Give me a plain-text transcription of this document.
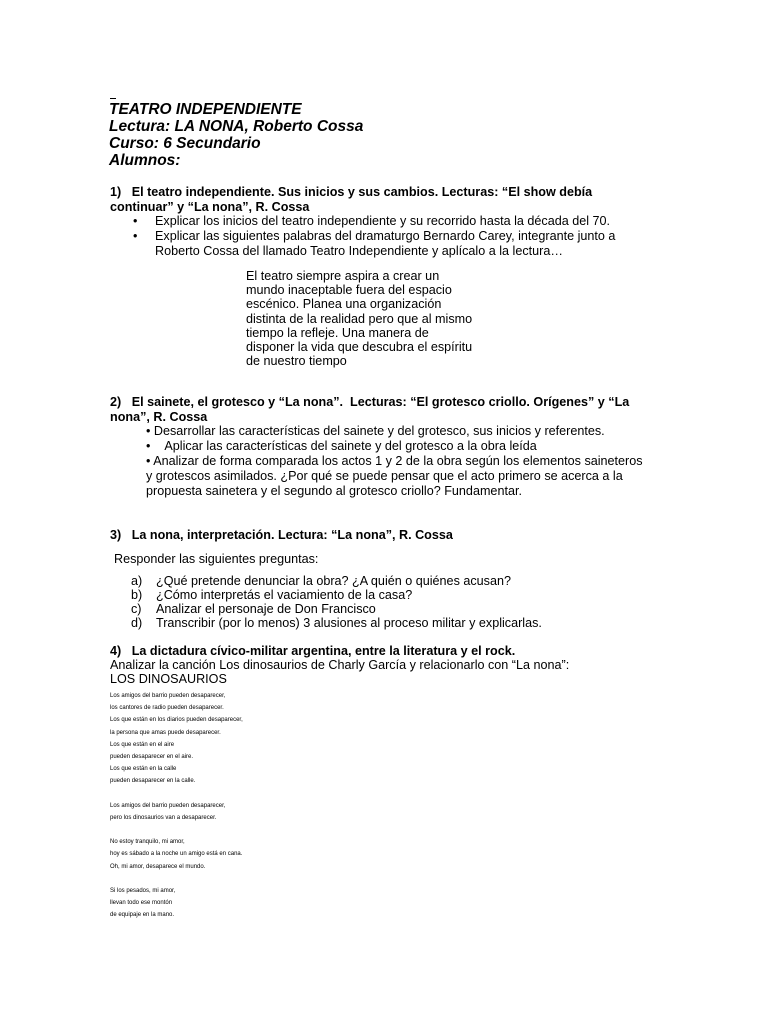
TEATRO INDEPENDIENTE
Lectura: LA NONA, Roberto Cossa
Curso: 6 Secundario
Alumnos:
1)   El teatro independiente. Sus inicios y sus cambios. Lecturas: “El show debía
continuar” y “La nona”, R. Cossa
•	Explicar los inicios del teatro independiente y su recorrido hasta la década del 70.
•	Explicar las siguientes palabras del dramaturgo Bernardo Carey, integrante junto a
Roberto Cossa del llamado Teatro Independiente y aplícalo a la lectura…
El teatro siempre aspira a crear un
mundo inaceptable fuera del espacio
escénico. Planea una organización
distinta de la realidad pero que al mismo
tiempo la refleje. Una manera de
disponer la vida que descubra el espíritu
de nuestro tiempo
2)   El sainete, el grotesco y “La nona”.  Lecturas: “El grotesco criollo. Orígenes” y “La
nona”, R. Cossa
• Desarrollar las características del sainete y del grotesco, sus inicios y referentes.
•    Aplicar las características del sainete y del grotesco a la obra leída
• Analizar de forma comparada los actos 1 y 2 de la obra según los elementos saineteros
y grotescos asimilados. ¿Por qué se puede pensar que el acto primero se acerca a la
propuesta sainetera y el segundo al grotesco criollo? Fundamentar.
3)   La nona, interpretación. Lectura: “La nona”, R. Cossa
Responder las siguientes preguntas:
a)	¿Qué pretende denunciar la obra? ¿A quién o quiénes acusan?
b)	¿Cómo interpretás el vaciamiento de la casa?
c)	Analizar el personaje de Don Francisco
d)	Transcribir (por lo menos) 3 alusiones al proceso militar y explicarlas.
4)   La dictadura cívico-militar argentina, entre la literatura y el rock.
Analizar la canción Los dinosaurios de Charly García y relacionarlo con “La nona”:
LOS DINOSAURIOS
Los amigos del barrio pueden desaparecer,
los cantores de radio pueden desaparecer.
Los que están en los diarios pueden desaparecer,
la persona que amas puede desaparecer.
Los que están en el aire
pueden desaparecer en el aire.
Los que están en la calle
pueden desaparecer en la calle.
Los amigos del barrio pueden desaparecer,
pero los dinosaurios van a desaparecer.
No estoy tranquilo, mi amor,
hoy es sábado a la noche un amigo está en cana.
Oh, mi amor, desaparece el mundo.
Si los pesados, mi amor,
llevan todo ese montón
de equipaje en la mano.
